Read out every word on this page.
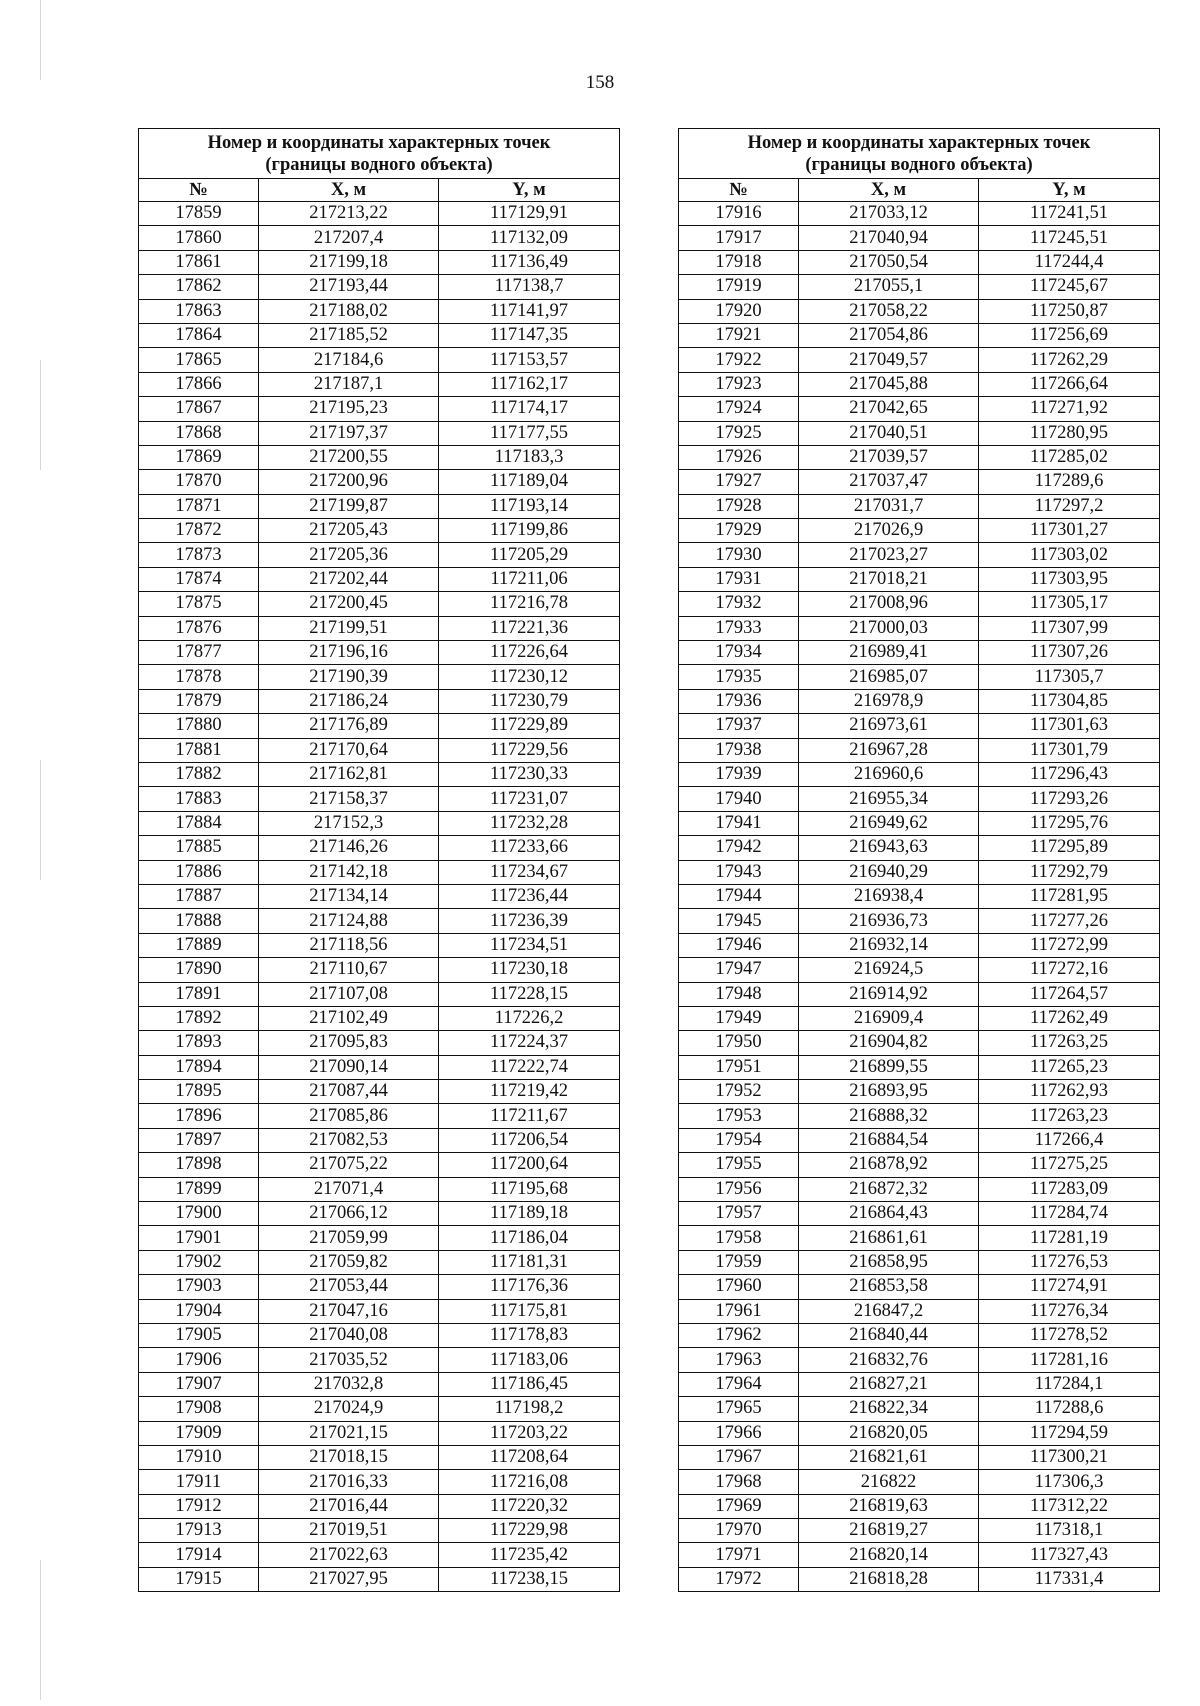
158
Номер и координаты характерных точек
(границы водного объекта)		
№	X, м	Y, м
17859	217213,22	117129,91
17860	217207,4	117132,09
17861	217199,18	117136,49
17862	217193,44	117138,7
17863	217188,02	117141,97
17864	217185,52	117147,35
17865	217184,6	117153,57
17866	217187,1	117162,17
17867	217195,23	117174,17
17868	217197,37	117177,55
17869	217200,55	117183,3
17870	217200,96	117189,04
17871	217199,87	117193,14
17872	217205,43	117199,86
17873	217205,36	117205,29
17874	217202,44	117211,06
17875	217200,45	117216,78
17876	217199,51	117221,36
17877	217196,16	117226,64
17878	217190,39	117230,12
17879	217186,24	117230,79
17880	217176,89	117229,89
17881	217170,64	117229,56
17882	217162,81	117230,33
17883	217158,37	117231,07
17884	217152,3	117232,28
17885	217146,26	117233,66
17886	217142,18	117234,67
17887	217134,14	117236,44
17888	217124,88	117236,39
17889	217118,56	117234,51
17890	217110,67	117230,18
17891	217107,08	117228,15
17892	217102,49	117226,2
17893	217095,83	117224,37
17894	217090,14	117222,74
17895	217087,44	117219,42
17896	217085,86	117211,67
17897	217082,53	117206,54
17898	217075,22	117200,64
17899	217071,4	117195,68
17900	217066,12	117189,18
17901	217059,99	117186,04
17902	217059,82	117181,31
17903	217053,44	117176,36
17904	217047,16	117175,81
17905	217040,08	117178,83
17906	217035,52	117183,06
17907	217032,8	117186,45
17908	217024,9	117198,2
17909	217021,15	117203,22
17910	217018,15	117208,64
17911	217016,33	117216,08
17912	217016,44	117220,32
17913	217019,51	117229,98
17914	217022,63	117235,42
17915	217027,95	117238,15
Номер и координаты характерных точек
(границы водного объекта)		
№	X, м	Y, м
17916	217033,12	117241,51
17917	217040,94	117245,51
17918	217050,54	117244,4
17919	217055,1	117245,67
17920	217058,22	117250,87
17921	217054,86	117256,69
17922	217049,57	117262,29
17923	217045,88	117266,64
17924	217042,65	117271,92
17925	217040,51	117280,95
17926	217039,57	117285,02
17927	217037,47	117289,6
17928	217031,7	117297,2
17929	217026,9	117301,27
17930	217023,27	117303,02
17931	217018,21	117303,95
17932	217008,96	117305,17
17933	217000,03	117307,99
17934	216989,41	117307,26
17935	216985,07	117305,7
17936	216978,9	117304,85
17937	216973,61	117301,63
17938	216967,28	117301,79
17939	216960,6	117296,43
17940	216955,34	117293,26
17941	216949,62	117295,76
17942	216943,63	117295,89
17943	216940,29	117292,79
17944	216938,4	117281,95
17945	216936,73	117277,26
17946	216932,14	117272,99
17947	216924,5	117272,16
17948	216914,92	117264,57
17949	216909,4	117262,49
17950	216904,82	117263,25
17951	216899,55	117265,23
17952	216893,95	117262,93
17953	216888,32	117263,23
17954	216884,54	117266,4
17955	216878,92	117275,25
17956	216872,32	117283,09
17957	216864,43	117284,74
17958	216861,61	117281,19
17959	216858,95	117276,53
17960	216853,58	117274,91
17961	216847,2	117276,34
17962	216840,44	117278,52
17963	216832,76	117281,16
17964	216827,21	117284,1
17965	216822,34	117288,6
17966	216820,05	117294,59
17967	216821,61	117300,21
17968	216822	117306,3
17969	216819,63	117312,22
17970	216819,27	117318,1
17971	216820,14	117327,43
17972	216818,28	117331,4
